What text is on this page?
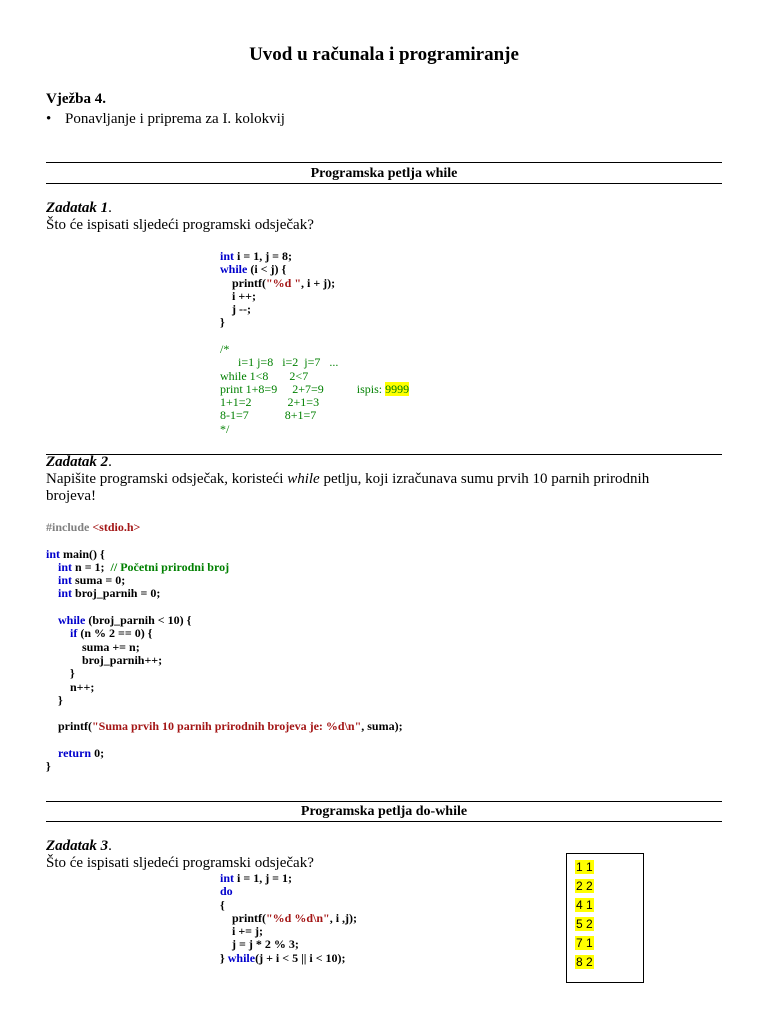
Uvod u računala i programiranje
Vježba 4.
• Ponavljanje i priprema za I. kolokvij
Programska petlja while
Zadatak 1.
Što će ispisati sljedeći programski odsječak?
int i = 1, j = 8;
while (i < j) {
printf("%d ", i + j);
i ++;
j --;
}
/*
i=1 j=8   i=2  j=7   ...
while 1<8       2<7
print 1+8=9     2+7=9           ispis: 9999
1+1=2            2+1=3
8-1=7            8+1=7
*/
Zadatak 2.
Napišite programski odsječak, koristeći while petlju, koji izračunava sumu prvih 10 parnih prirodnih
brojeva!
#include <stdio.h>

int main() {
int n = 1;  // Početni prirodni broj
int suma = 0;
int broj_parnih = 0;

while (broj_parnih < 10) {
if (n % 2 == 0) {
suma += n;
broj_parnih++;
}
n++;
}

printf("Suma prvih 10 parnih prirodnih brojeva je: %d\n", suma);

return 0;
}
Programska petlja do-while
Zadatak 3.
Što će ispisati sljedeći programski odsječak?
int i = 1, j = 1;
do
{
printf("%d %d\n", i ,j);
i += j;
j = j * 2 % 3;
} while(j + i < 5 || i < 10);
1 1
2 2
4 1
5 2
7 1
8 2
